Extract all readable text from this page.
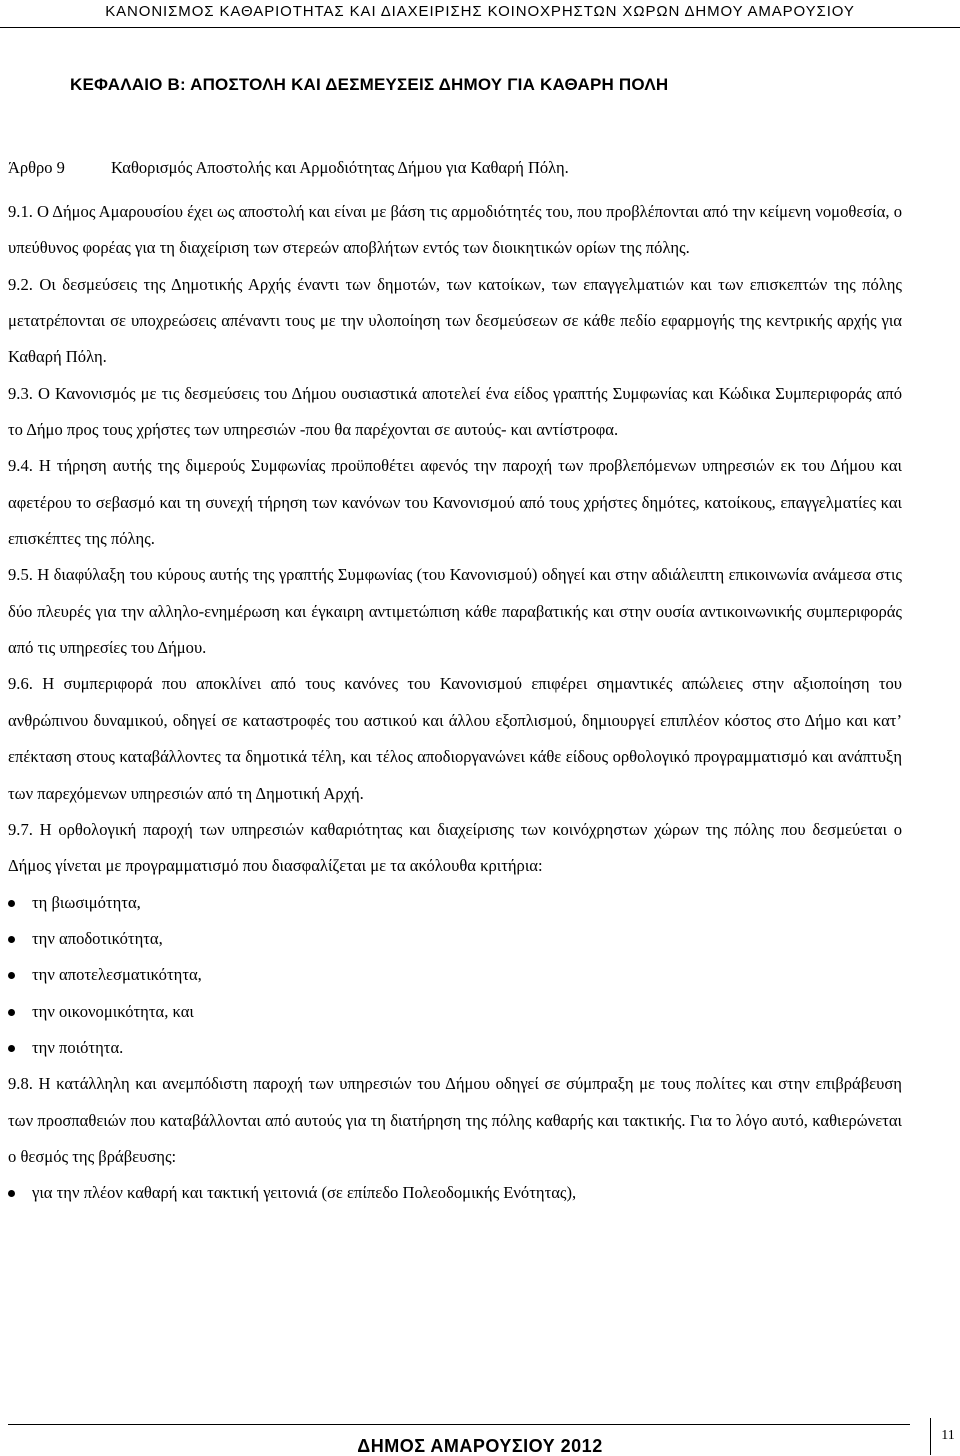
ΚΑΝΟΝΙΣΜΟΣ ΚΑΘΑΡΙΟΤΗΤΑΣ ΚΑΙ ΔΙΑΧΕΙΡΙΣΗΣ ΚΟΙΝΟΧΡΗΣΤΩΝ ΧΩΡΩΝ ΔΗΜΟΥ ΑΜΑΡΟΥΣΙΟΥ
ΚΕΦΑΛΑΙΟ Β: ΑΠΟΣΤΟΛΗ ΚΑΙ ΔΕΣΜΕΥΣΕΙΣ ΔΗΜΟΥ ΓΙΑ ΚΑΘΑΡΗ ΠΟΛΗ
Άρθρο 9	Καθορισμός Αποστολής και Αρμοδιότητας Δήμου για Καθαρή Πόλη.

9.1. Ο Δήμος Αμαρουσίου έχει ως αποστολή και είναι με βάση τις αρμοδιότητές του, που προβλέπονται από την κείμενη νομοθεσία, ο υπεύθυνος φορέας για τη διαχείριση των στερεών αποβλήτων εντός των διοικητικών ορίων της πόλης.

9.2. Οι δεσμεύσεις της Δημοτικής Αρχής έναντι των δημοτών, των κατοίκων, των επαγγελματιών και των επισκεπτών της πόλης μετατρέπονται σε υποχρεώσεις απέναντι τους με την υλοποίηση των δεσμεύσεων σε κάθε πεδίο εφαρμογής της κεντρικής αρχής για Καθαρή Πόλη.

9.3. Ο Κανονισμός με τις δεσμεύσεις του Δήμου ουσιαστικά αποτελεί ένα είδος γραπτής Συμφωνίας και Κώδικα Συμπεριφοράς από το Δήμο προς τους χρήστες των υπηρεσιών -που θα παρέχονται σε αυτούς- και αντίστροφα.

9.4. Η τήρηση αυτής της διμερούς Συμφωνίας προϋποθέτει αφενός την παροχή των προβλεπόμενων υπηρεσιών εκ του Δήμου και αφετέρου το σεβασμό και τη συνεχή τήρηση των κανόνων του Κανονισμού από τους χρήστες δημότες, κατοίκους, επαγγελματίες και επισκέπτες της πόλης.

9.5. Η διαφύλαξη του κύρους αυτής της γραπτής Συμφωνίας (του Κανονισμού) οδηγεί και στην αδιάλειπτη επικοινωνία ανάμεσα στις δύο πλευρές για την αλληλο-ενημέρωση και έγκαιρη αντιμετώπιση κάθε παραβατικής και στην ουσία αντικοινωνικής συμπεριφοράς από τις υπηρεσίες του Δήμου.

9.6. Η συμπεριφορά που αποκλίνει από τους κανόνες του Κανονισμού επιφέρει σημαντικές απώλειες στην αξιοποίηση του ανθρώπινου δυναμικού, οδηγεί σε καταστροφές του αστικού και άλλου εξοπλισμού, δημιουργεί επιπλέον κόστος στο Δήμο και κατ’ επέκταση στους καταβάλλοντες τα δημοτικά τέλη, και τέλος αποδιοργανώνει κάθε είδους ορθολογικό προγραμματισμό και ανάπτυξη των παρεχόμενων υπηρεσιών από τη Δημοτική Αρχή.

9.7. Η ορθολογική παροχή των υπηρεσιών καθαριότητας και διαχείρισης των κοινόχρηστων χώρων της πόλης που δεσμεύεται ο Δήμος γίνεται με προγραμματισμό που διασφαλίζεται με τα ακόλουθα κριτήρια:

τη βιωσιμότητα,
την αποδοτικότητα,
την αποτελεσματικότητα,
την οικονομικότητα, και
την ποιότητα.

9.8. Η κατάλληλη και ανεμπόδιστη παροχή των υπηρεσιών του Δήμου οδηγεί σε σύμπραξη με τους πολίτες και στην επιβράβευση των προσπαθειών που καταβάλλονται από αυτούς για τη διατήρηση της πόλης καθαρής και τακτικής. Για το λόγο αυτό, καθιερώνεται ο θεσμός της βράβευσης:

για την πλέον καθαρή και τακτική γειτονιά (σε επίπεδο Πολεοδομικής Ενότητας),
ΔΗΜΟΣ ΑΜΑΡΟΥΣΙΟΥ 2012
11
